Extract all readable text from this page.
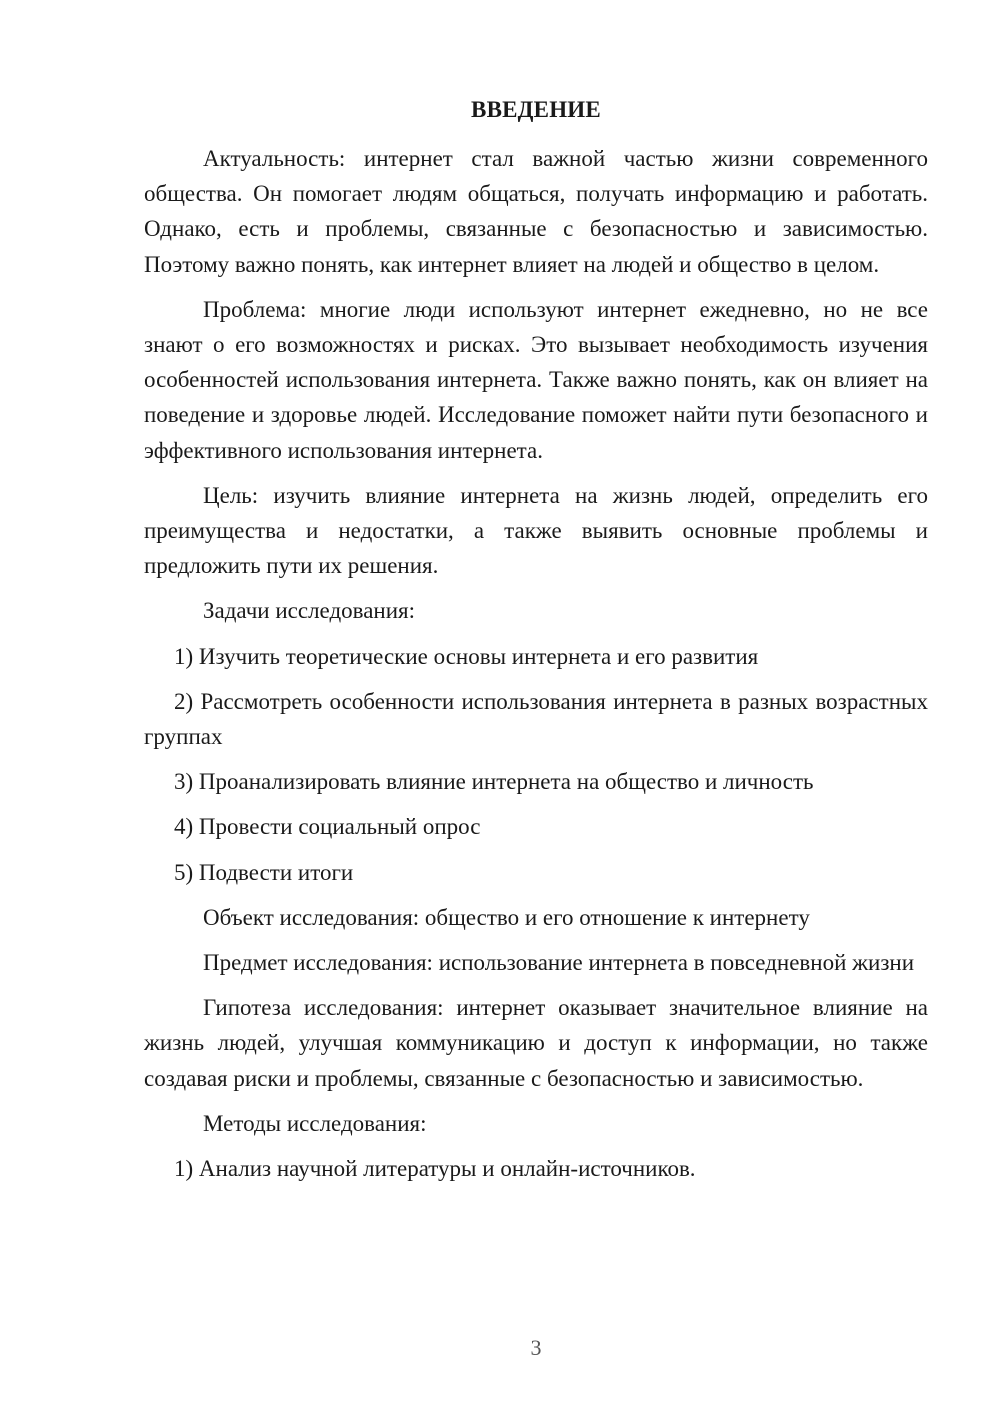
ВВЕДЕНИЕ

Актуальность: интернет стал важной частью жизни современного общества. Он помогает людям общаться, получать информацию и работать. Однако, есть и проблемы, связанные с безопасностью и зависимостью. Поэтому важно понять, как интернет влияет на людей и общество в целом.

Проблема: многие люди используют интернет ежедневно, но не все знают о его возможностях и рисках. Это вызывает необходимость изучения особенностей использования интернета. Также важно понять, как он влияет на поведение и здоровье людей. Исследование поможет найти пути безопасного и эффективного использования интернета.

Цель: изучить влияние интернета на жизнь людей, определить его преимущества и недостатки, а также выявить основные проблемы и предложить пути их решения.

Задачи исследования:

1) Изучить теоретические основы интернета и его развития

2) Рассмотреть особенности использования интернета в разных возрастных группах

3) Проанализировать влияние интернета на общество и личность

4) Провести социальный опрос

5) Подвести итоги

Объект исследования: общество и его отношение к интернету

Предмет исследования: использование интернета в повседневной жизни

Гипотеза исследования: интернет оказывает значительное влияние на жизнь людей, улучшая коммуникацию и доступ к информации, но также создавая риски и проблемы, связанные с безопасностью и зависимостью.

Методы исследования:

1) Анализ научной литературы и онлайн-источников.

3
